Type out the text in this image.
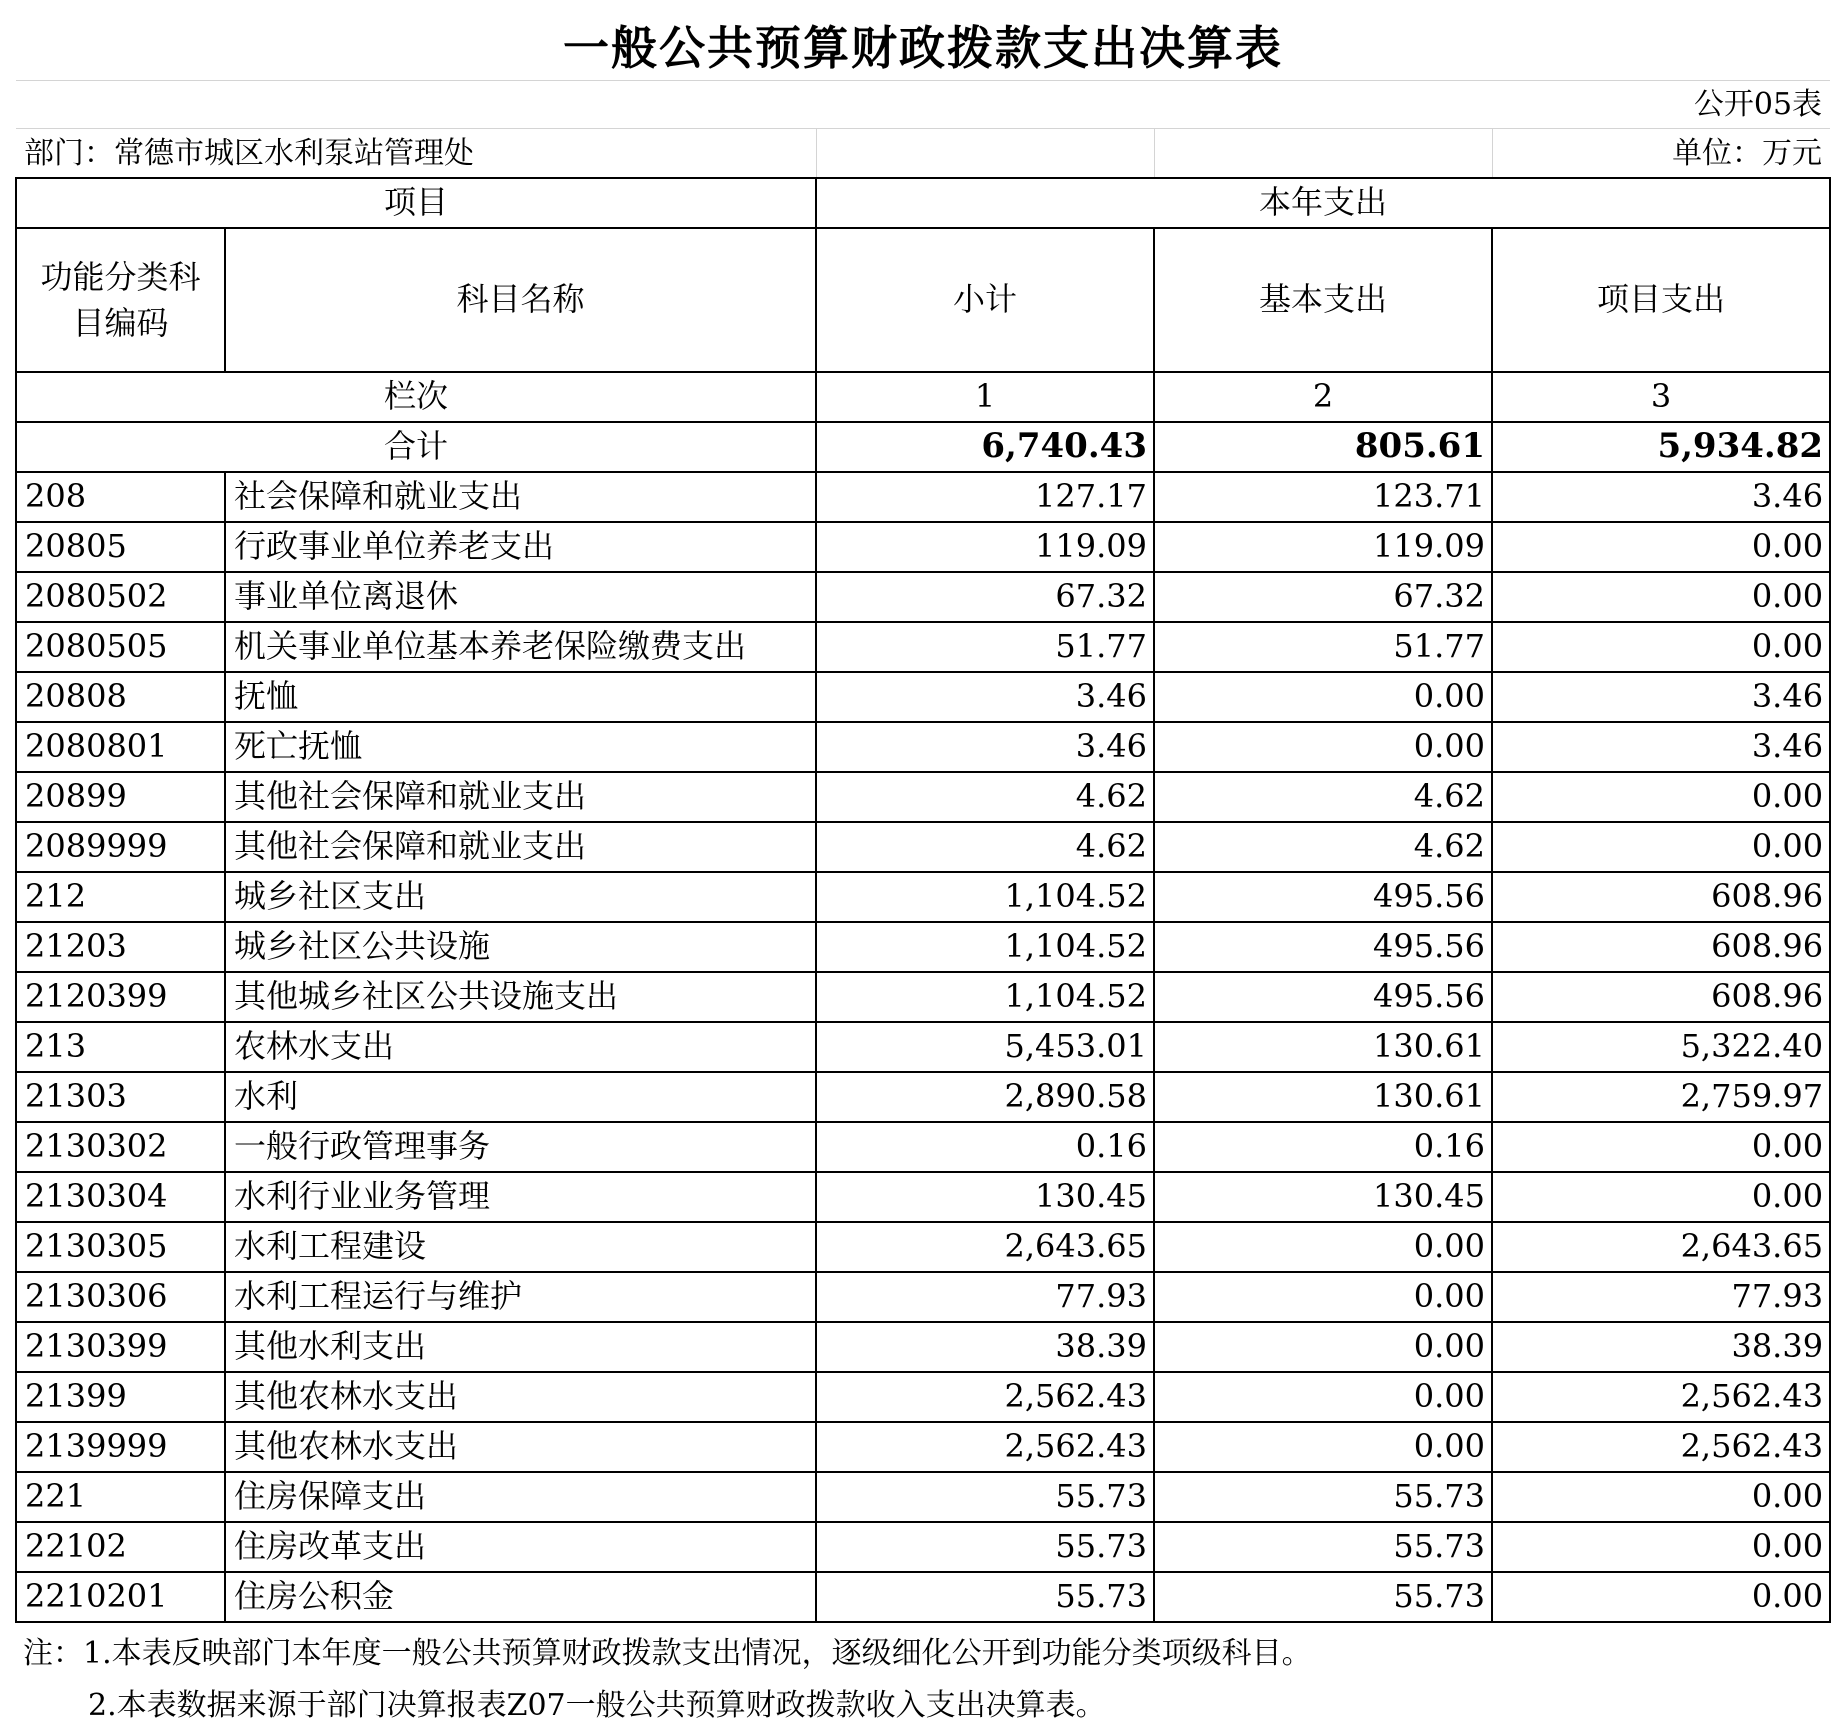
一般公共预算财政拨款支出决算表				
公开05表				
部门：常德市城区水利泵站管理处				单位：万元
项目		本年支出		
功能分类科目编码	科目名称	小计	基本支出	项目支出
栏次		1	2	3
合计		6,740.43	805.61	5,934.82
208	社会保障和就业支出	127.17	123.71	3.46
20805	行政事业单位养老支出	119.09	119.09	0.00
2080502	事业单位离退休	67.32	67.32	0.00
2080505	机关事业单位基本养老保险缴费支出	51.77	51.77	0.00
20808	抚恤	3.46	0.00	3.46
2080801	死亡抚恤	3.46	0.00	3.46
20899	其他社会保障和就业支出	4.62	4.62	0.00
2089999	其他社会保障和就业支出	4.62	4.62	0.00
212	城乡社区支出	1,104.52	495.56	608.96
21203	城乡社区公共设施	1,104.52	495.56	608.96
2120399	其他城乡社区公共设施支出	1,104.52	495.56	608.96
213	农林水支出	5,453.01	130.61	5,322.40
21303	水利	2,890.58	130.61	2,759.97
2130302	一般行政管理事务	0.16	0.16	0.00
2130304	水利行业业务管理	130.45	130.45	0.00
2130305	水利工程建设	2,643.65	0.00	2,643.65
2130306	水利工程运行与维护	77.93	0.00	77.93
2130399	其他水利支出	38.39	0.00	38.39
21399	其他农林水支出	2,562.43	0.00	2,562.43
2139999	其他农林水支出	2,562.43	0.00	2,562.43
221	住房保障支出	55.73	55.73	0.00
22102	住房改革支出	55.73	55.73	0.00
2210201	住房公积金	55.73	55.73	0.00
注：1.本表反映部门本年度一般公共预算财政拨款支出情况，逐级细化公开到功能分类项级科目。
2.本表数据来源于部门决算报表Z07一般公共预算财政拨款收入支出决算表。
